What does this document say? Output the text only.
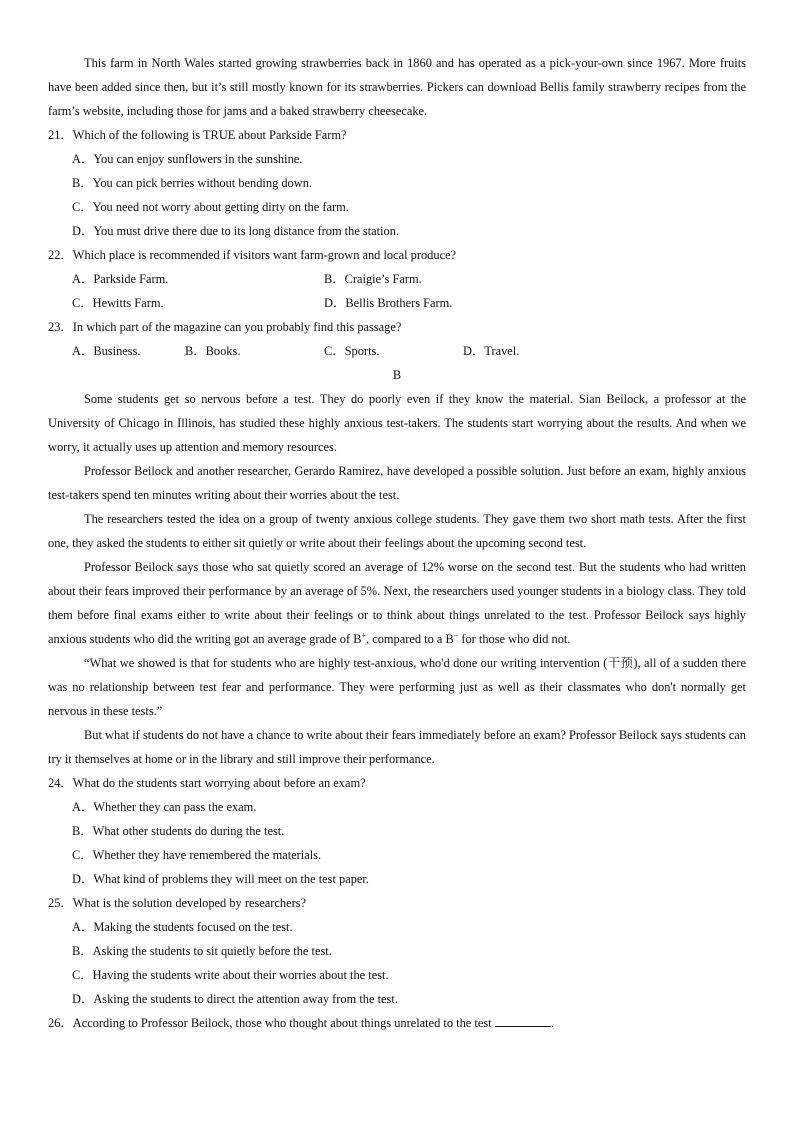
This farm in North Wales started growing strawberries back in 1860 and has operated as a pick-your-own since 1967. More fruits have been added since then, but it’s still mostly known for its strawberries. Pickers can download Bellis family strawberry recipes from the farm’s website, including those for jams and a baked strawberry cheesecake.

21．Which of the following is TRUE about Parkside Farm?

A．You can enjoy sunflowers in the sunshine.

B．You can pick berries without bending down.

C．You need not worry about getting dirty on the farm.

D．You must drive there due to its long distance from the station.

22．Which place is recommended if visitors want farm-grown and local produce?

A．Parkside Farm.	B．Craigie’s Farm.
C．Hewitts Farm.	D．Bellis Brothers Farm.

23．In which part of the magazine can you probably find this passage?

A．Business.	B．Books.	C．Sports.	D．Travel.

B

Some students get so nervous before a test. They do poorly even if they know the material. Sian Beilock, a professor at the University of Chicago in Illinois, has studied these highly anxious test-takers. The students start worrying about the results. And when we worry, it actually uses up attention and memory resources.

Professor Beilock and another researcher, Gerardo Ramirez, have developed a possible solution. Just before an exam, highly anxious test-takers spend ten minutes writing about their worries about the test.

The researchers tested the idea on a group of twenty anxious college students. They gave them two short math tests. After the first one, they asked the students to either sit quietly or write about their feelings about the upcoming second test.

Professor Beilock says those who sat quietly scored an average of 12% worse on the second test. But the students who had written about their fears improved their performance by an average of 5%. Next, the researchers used younger students in a biology class. They told them before final exams either to write about their feelings or to think about things unrelated to the test. Professor Beilock says highly anxious students who did the writing got an average grade of B+, compared to a B− for those who did not.

“What we showed is that for students who are highly test-anxious, who'd done our writing intervention (干预), all of a sudden there was no relationship between test fear and performance. They were performing just as well as their classmates who don't normally get nervous in these tests.”

But what if students do not have a chance to write about their fears immediately before an exam? Professor Beilock says students can try it themselves at home or in the library and still improve their performance.

24．What do the students start worrying about before an exam?

A．Whether they can pass the exam.

B．What other students do during the test.

C．Whether they have remembered the materials.

D．What kind of problems they will meet on the test paper.

25．What is the solution developed by researchers?

A．Making the students focused on the test.

B．Asking the students to sit quietly before the test.

C．Having the students write about their worries about the test.

D．Asking the students to direct the attention away from the test.

26．According to Professor Beilock, those who thought about things unrelated to the test	.
